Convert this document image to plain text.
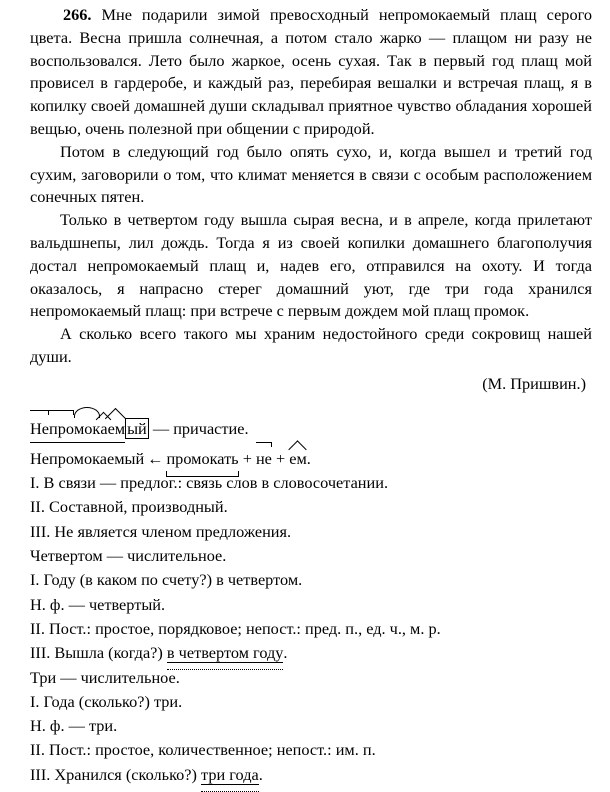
266. Мне подарили зимой превосходный непромокаемый плащ серого цвета. Весна пришла солнечная, а потом стало жарко — плащом ни разу не воспользовался. Лето было жаркое, осень сухая. Так в первый год плащ мой провисел в гардеробе, и каждый раз, перебирая вешалки и встречая плащ, я в копилку своей домашней души складывал приятное чувство обладания хорошей вещью, очень полезной при общении с природой.

Потом в следующий год было опять сухо, и, когда вышел и третий год сухим, заговорили о том, что климат меняется в связи с особым расположением сонечных пятен.

Только в четвертом году вышла сырая весна, и в апреле, когда прилетают вальдшнепы, лил дождь. Тогда я из своей копилки домашнего благополучия достал непромокаемый плащ и, надев его, отправился на охоту. И тогда оказалось, я напрасно стерег домашний уют, где три года хранился непромокаемый плащ: при встрече с первым дождем мой плащ промок.

А сколько всего такого мы храним недостойного среди сокровищ нашей души.

(М. Пришвин.)

Непромокаем ый — причастие.
Непромокаемый ← промокать + не + ем.
I. В связи — предлог.: связь слов в словосочетании.
II. Составной, производный.
III. Не является членом предложения.
Четвертом — числительное.
I. Году (в каком по счету?) в четвертом.
Н. ф. — четвертый.
II. Пост.: простое, порядковое; непост.: пред. п., ед. ч., м. р.
III. Вышла (когда?) в четвертом году.
Три — числительное.
I. Года (сколько?) три.
Н. ф. — три.
II. Пост.: простое, количественное; непост.: им. п.
III. Хранился (сколько?) три года.
